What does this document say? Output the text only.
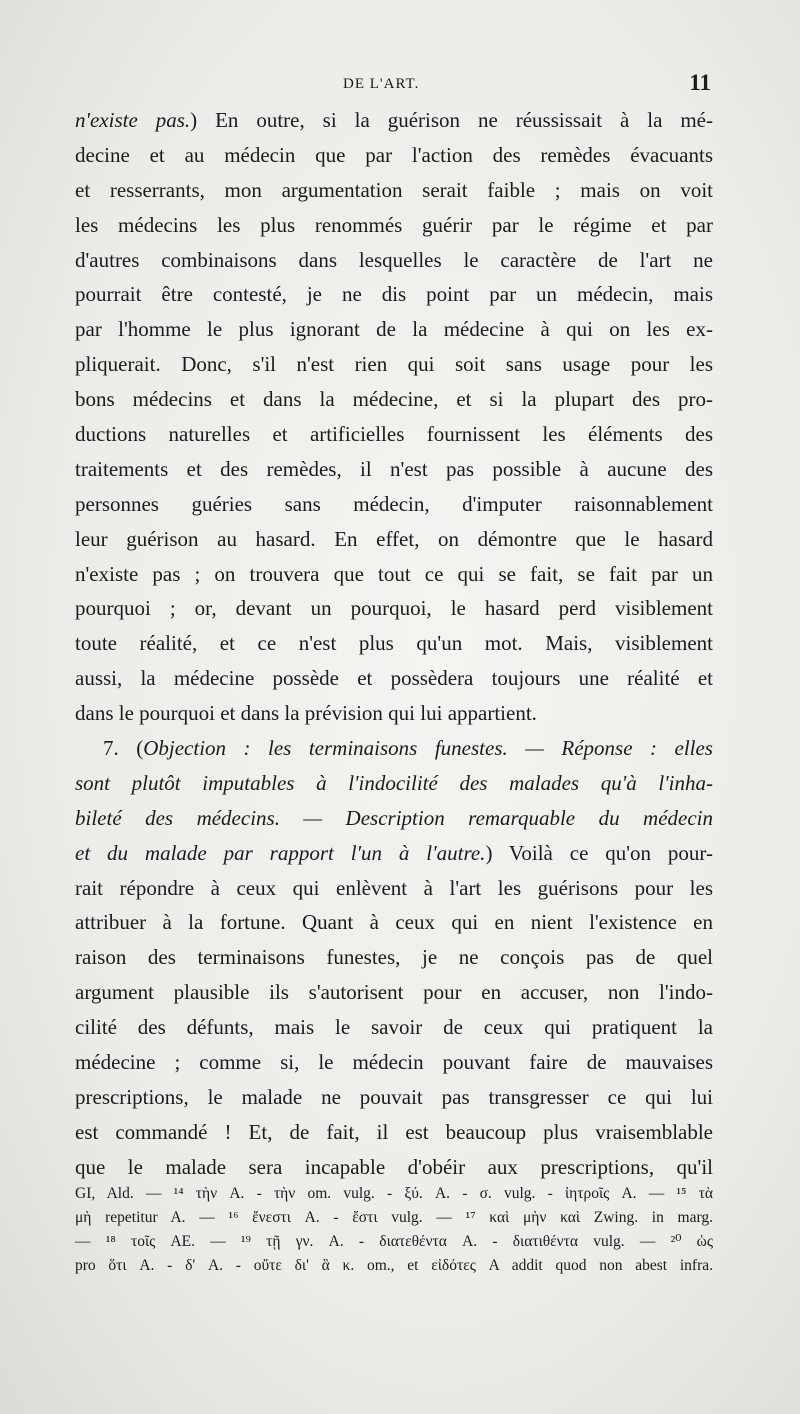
DE L'ART.	11
n'existe pas.) En outre, si la guérison ne réussissait à la mé-
decine et au médecin que par l'action des remèdes évacuants
et resserrants, mon argumentation serait faible ; mais on voit
les médecins les plus renommés guérir par le régime et par
d'autres combinaisons dans lesquelles le caractère de l'art ne
pourrait être contesté, je ne dis point par un médecin, mais
par l'homme le plus ignorant de la médecine à qui on les ex-
pliquerait. Donc, s'il n'est rien qui soit sans usage pour les
bons médecins et dans la médecine, et si la plupart des pro-
ductions naturelles et artificielles fournissent les éléments des
traitements et des remèdes, il n'est pas possible à aucune des
personnes guéries sans médecin, d'imputer raisonnablement
leur guérison au hasard. En effet, on démontre que le hasard
n'existe pas ; on trouvera que tout ce qui se fait, se fait par un
pourquoi ; or, devant un pourquoi, le hasard perd visiblement
toute réalité, et ce n'est plus qu'un mot. Mais, visiblement
aussi, la médecine possède et possèdera toujours une réalité et
dans le pourquoi et dans la prévision qui lui appartient.
7. (Objection : les terminaisons funestes. — Réponse : elles
sont plutôt imputables à l'indocilité des malades qu'à l'inha-
bileté des médecins. — Description remarquable du médecin
et du malade par rapport l'un à l'autre.) Voilà ce qu'on pour-
rait répondre à ceux qui enlèvent à l'art les guérisons pour les
attribuer à la fortune. Quant à ceux qui en nient l'existence en
raison des terminaisons funestes, je ne conçois pas de quel
argument plausible ils s'autorisent pour en accuser, non l'indo-
cilité des défunts, mais le savoir de ceux qui pratiquent la
médecine ; comme si, le médecin pouvant faire de mauvaises
prescriptions, le malade ne pouvait pas transgresser ce qui lui
est commandé ! Et, de fait, il est beaucoup plus vraisemblable
que le malade sera incapable d'obéir aux prescriptions, qu'il
GI, Ald. — ¹⁴ τὴν A. - τὴν om. vulg. - ξύ. A. - σ. vulg. - ἰητροῖς A. — ¹⁵ τὰ
μὴ repetitur A. — ¹⁶ ἔνεστι A. - ἔστι vulg. — ¹⁷ καὶ μὴν καὶ Zwing. in marg.
— ¹⁸ τοῖς AE. — ¹⁹ τῇ γν. A. - διατεθέντα A. - διατιθέντα vulg. — ²⁰ ὡς
pro ὅτι A. - δ' A. - οὔτε δι' ἃ κ. om., et εἰδότες A addit quod non abest infra.
